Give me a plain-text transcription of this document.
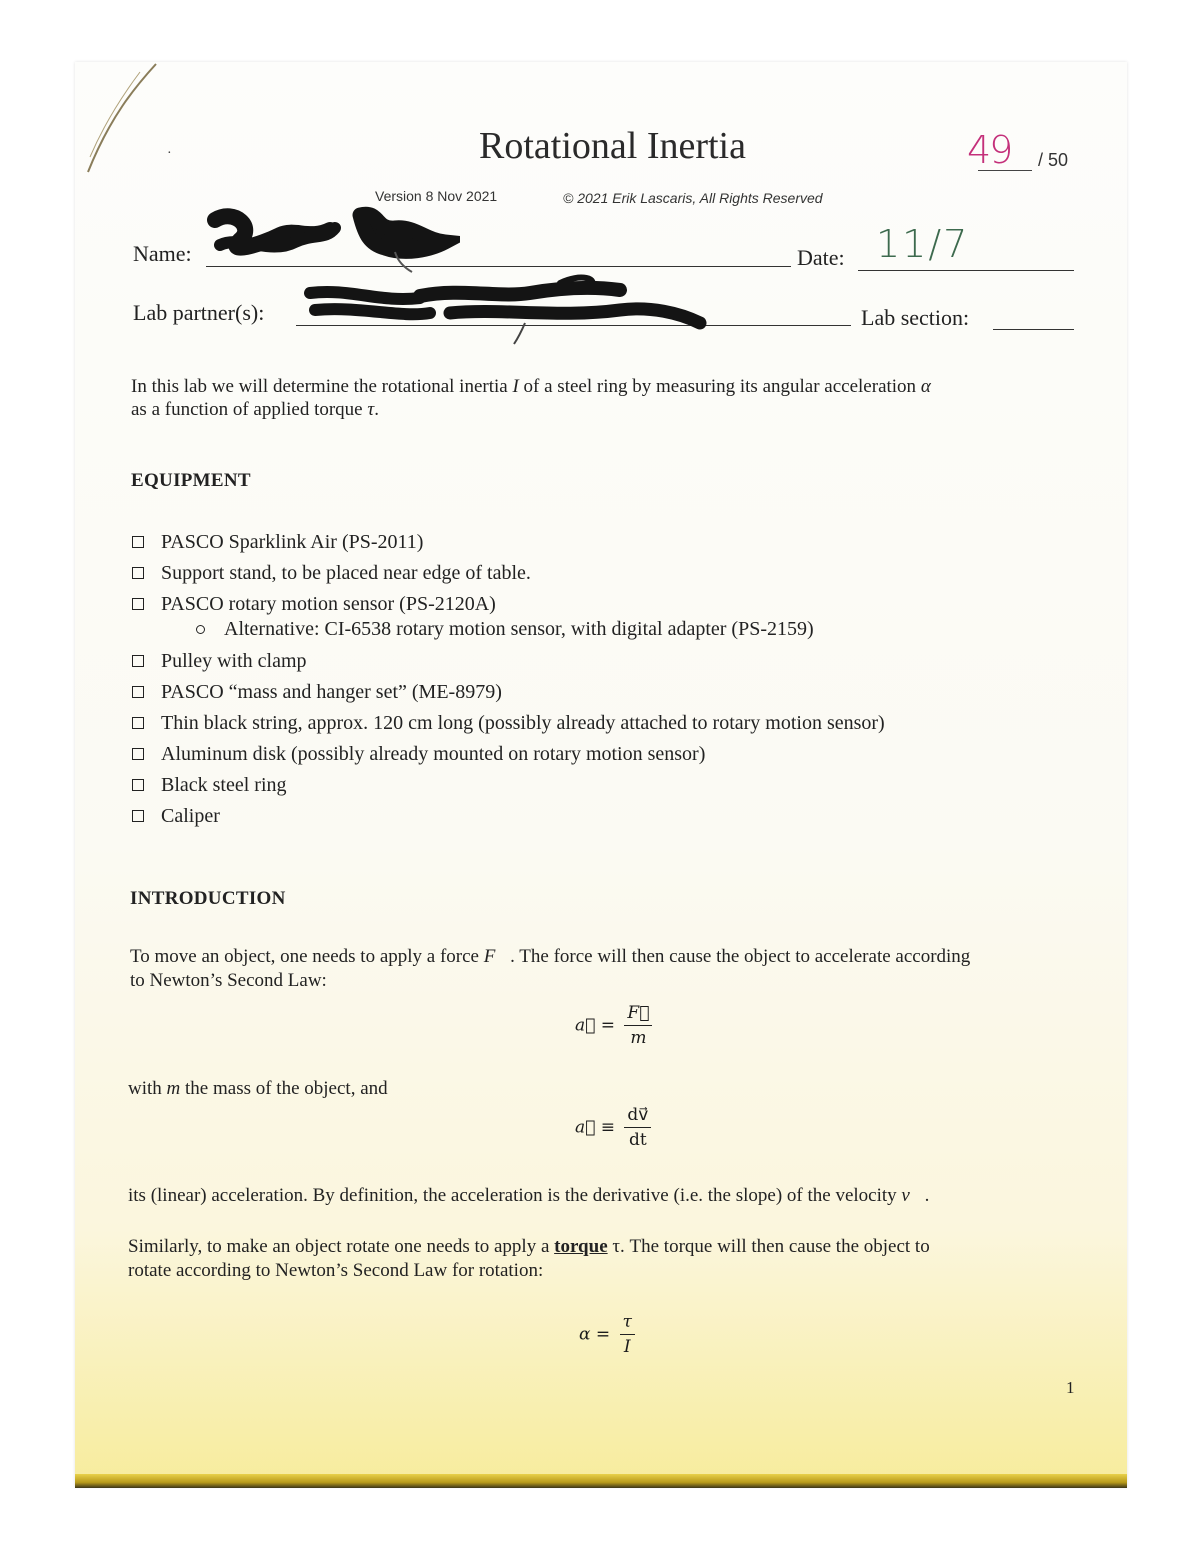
·	Rotational Inertia	49 / 50
Version 8 Nov 2021	© 2021 Erik Lascaris, All Rights Reserved
Name:	Date: 11/7
Lab partner(s):	Lab section:
In this lab we will determine the rotational inertia I of a steel ring by measuring its angular acceleration α
as a function of applied torque τ.
EQUIPMENT
PASCO Sparklink Air (PS-2011)
Support stand, to be placed near edge of table.
PASCO rotary motion sensor (PS-2120A)
Alternative: CI-6538 rotary motion sensor, with digital adapter (PS-2159)
Pulley with clamp
PASCO “mass and hanger set” (ME-8979)
Thin black string, approx. 120 cm long (possibly already attached to rotary motion sensor)
Aluminum disk (possibly already mounted on rotary motion sensor)
Black steel ring
Caliper
INTRODUCTION
To move an object, one needs to apply a force F⃗. The force will then cause the object to accelerate according
to Newton’s Second Law:
a⃗ = $\frac{F⃗}{m}$
with m the mass of the object, and
a⃗ ≡ $\frac{dv⃗}{dt}$
its (linear) acceleration. By definition, the acceleration is the derivative (i.e. the slope) of the velocity v⃗.
Similarly, to make an object rotate one needs to apply a torque τ. The torque will then cause the object to
rotate according to Newton’s Second Law for rotation:
$\alpha = \frac{\tau}{I}$
1
